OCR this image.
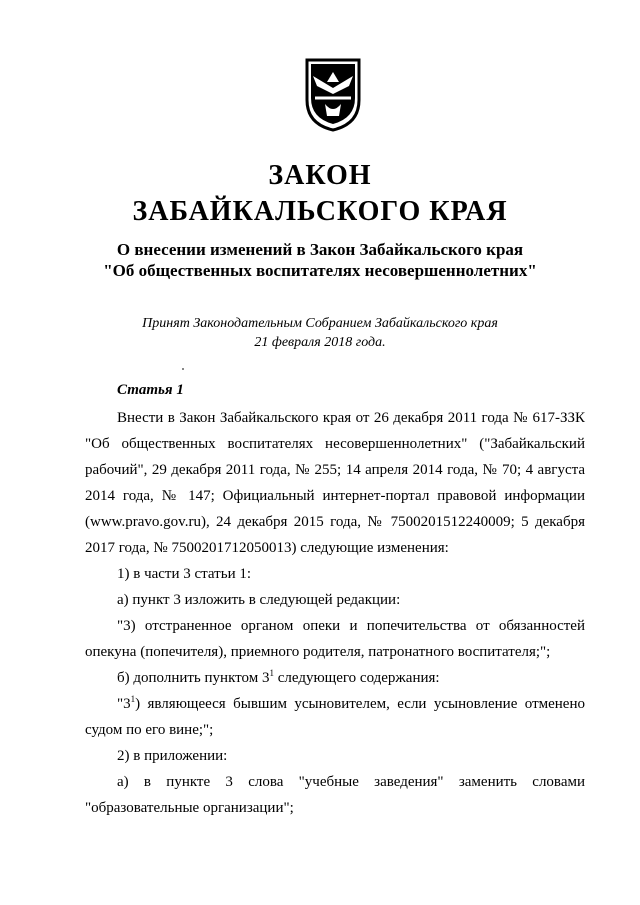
ЗАКОН
ЗАБАЙКАЛЬСКОГО КРАЯ
О внесении изменений в Закон Забайкальского края
"Об общественных воспитателях несовершеннолетних"
Принят Законодательным Собранием Забайкальского края
21 февраля 2018 года.
Статья 1

Внести в Закон Забайкальского края от 26 декабря 2011 года № 617-ЗЗК "Об общественных воспитателях несовершеннолетних" ("Забайкальский рабочий", 29 декабря 2011 года, № 255; 14 апреля 2014 года, № 70; 4 августа 2014 года, № 147; Официальный интернет-портал правовой информации (www.pravo.gov.ru), 24 декабря 2015 года, № 7500201512240009; 5 декабря 2017 года, № 7500201712050013) следующие изменения:

1) в части 3 статьи 1:

а) пункт 3 изложить в следующей редакции:

"3) отстраненное органом опеки и попечительства от обязанностей опекуна (попечителя), приемного родителя, патронатного воспитателя;";

б) дополнить пунктом $3^1$ следующего содержания:

"$3^1$) являющееся бывшим усыновителем, если усыновление отменено судом по его вине;";

2) в приложении:

а) в пункте 3 слова "учебные заведения" заменить словами "образовательные организации";
